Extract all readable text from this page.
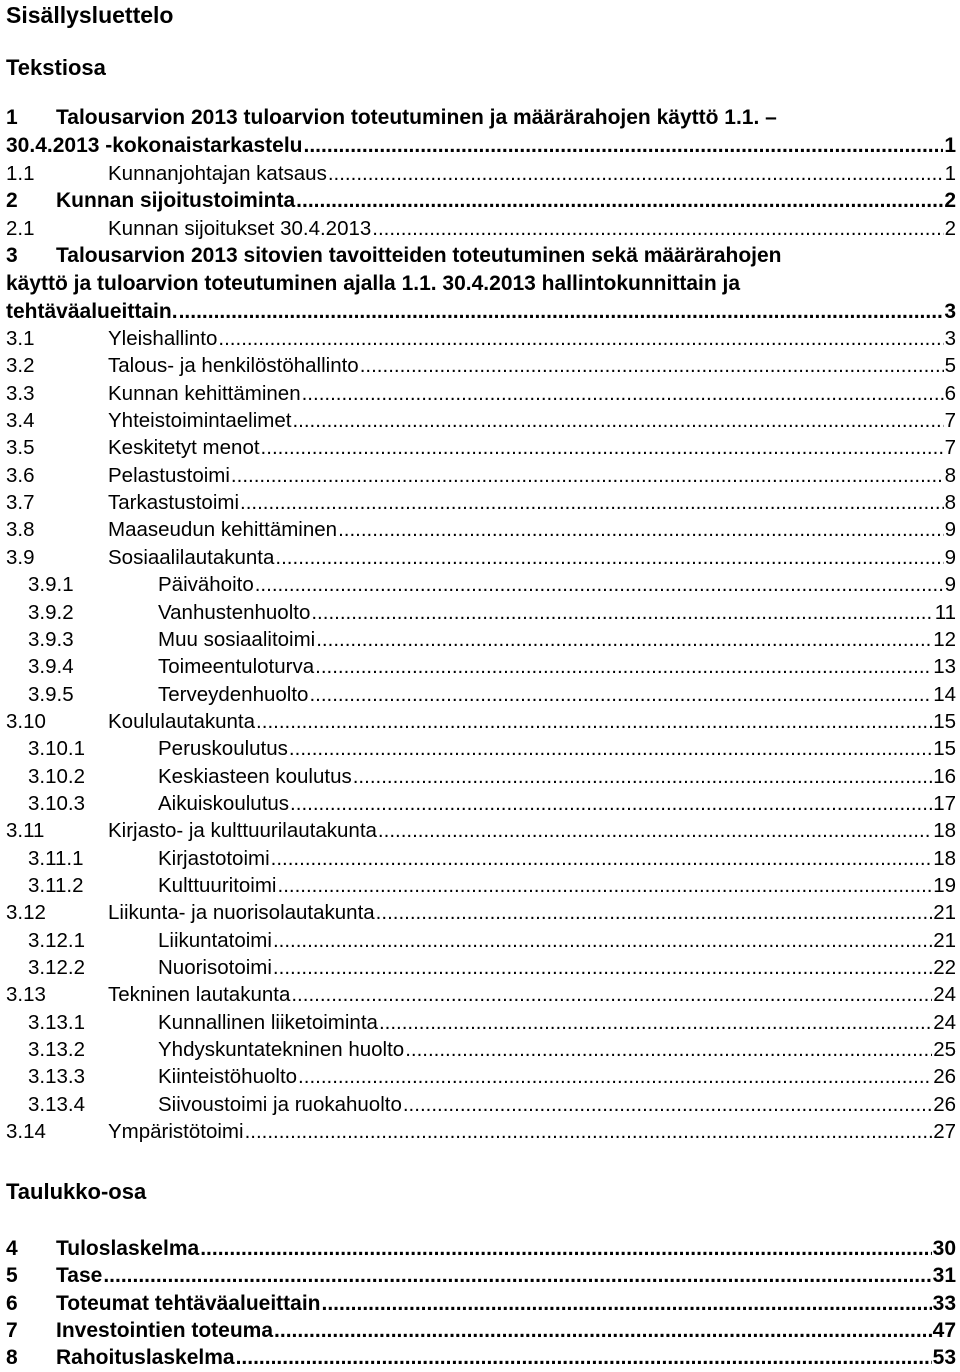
Sisällysluettelo
Tekstiosa
1 Talousarvion 2013 tuloarvion toteutuminen ja määrärahojen käyttö 1.1. –
30.4.2013 -kokonaistarkastelu .....	1
1.1	Kunnanjohtajan katsaus .....	1
2	Kunnan sijoitustoiminta .....	2
2.1	Kunnan sijoitukset 30.4.2013 .....	2
3 Talousarvion 2013 sitovien tavoitteiden toteutuminen sekä määrärahojen
käyttö ja tuloarvion toteutuminen ajalla 1.1. 30.4.2013 hallintokunnittain ja
tehtäväalueittain. .....	3
3.1	Yleishallinto .....	3
3.2	Talous- ja henkilöstöhallinto .....	5
3.3	Kunnan kehittäminen .....	6
3.4	Yhteistoimintaelimet .....	7
3.5	Keskitetyt menot .....	7
3.6	Pelastustoimi .....	8
3.7	Tarkastustoimi .....	8
3.8	Maaseudun kehittäminen .....	9
3.9	Sosiaalilautakunta .....	9
3.9.1	Päivähoito .....	9
3.9.2	Vanhustenhuolto .....	11
3.9.3	Muu sosiaalitoimi .....	12
3.9.4	Toimeentuloturva .....	13
3.9.5	Terveydenhuolto .....	14
3.10	Koululautakunta .....	15
3.10.1	Peruskoulutus .....	15
3.10.2	Keskiasteen koulutus .....	16
3.10.3	Aikuiskoulutus .....	17
3.11	Kirjasto- ja kulttuurilautakunta .....	18
3.11.1	Kirjastotoimi .....	18
3.11.2	Kulttuuritoimi .....	19
3.12	Liikunta- ja nuorisolautakunta .....	21
3.12.1	Liikuntatoimi .....	21
3.12.2	Nuorisotoimi .....	22
3.13	Tekninen lautakunta .....	24
3.13.1	Kunnallinen liiketoiminta .....	24
3.13.2	Yhdyskuntatekninen huolto .....	25
3.13.3	Kiinteistöhuolto .....	26
3.13.4	Siivoustoimi ja ruokahuolto .....	26
3.14	Ympäristötoimi .....	27
Taulukko-osa
4	Tuloslaskelma .....	30
5	Tase .....	31
6	Toteumat tehtäväalueittain .....	33
7	Investointien toteuma .....	47
8	Rahoituslaskelma .....	53
